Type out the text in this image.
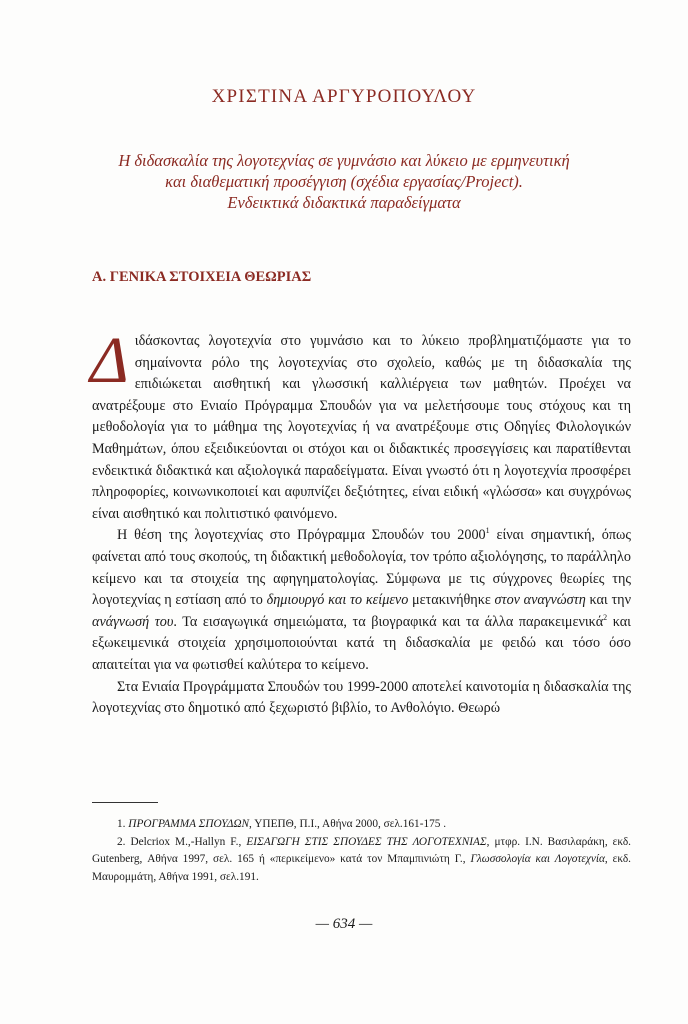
ΧΡΙΣΤΙΝΑ ΑΡΓΥΡΟΠΟΥΛΟΥ
Η διδασκαλία της λογοτεχνίας σε γυμνάσιο και λύκειο με ερμηνευτική
και διαθεματική προσέγγιση (σχέδια εργασίας/Project).
Ενδεικτικά διδακτικά παραδείγματα
Α. ΓΕΝΙΚΑ ΣΤΟΙΧΕΙΑ ΘΕΩΡΙΑΣ

Διδάσκοντας λογοτεχνία στο γυμνάσιο και το λύκειο προβληματιζόμαστε για το σημαίνοντα ρόλο της λογοτεχνίας στο σχολείο, καθώς με τη διδασκαλία της επιδιώκεται αισθητική και γλωσσική καλλιέργεια των μαθητών. Προέχει να ανατρέξουμε στο Ενιαίο Πρόγραμμα Σπουδών για να μελετήσουμε τους στόχους και τη μεθοδολογία για το μάθημα της λογοτεχνίας ή να ανατρέξουμε στις Οδηγίες Φιλολογικών Μαθημάτων, όπου εξειδικεύονται οι στόχοι και οι διδακτικές προσεγγίσεις και παρατίθενται ενδεικτικά διδακτικά και αξιολογικά παραδείγματα. Είναι γνωστό ότι η λογοτεχνία προσφέρει πληροφορίες, κοινωνικοποιεί και αφυπνίζει δεξιότητες, είναι ειδική «γλώσσα» και συγχρόνως είναι αισθητικό και πολιτιστικό φαινόμενο.

Η θέση της λογοτεχνίας στο Πρόγραμμα Σπουδών του 2000$^1$ είναι σημαντική, όπως φαίνεται από τους σκοπούς, τη διδακτική μεθοδολογία, τον τρόπο αξιολόγησης, το παράλληλο κείμενο και τα στοιχεία της αφηγηματολογίας. Σύμφωνα με τις σύγχρονες θεωρίες της λογοτεχνίας η εστίαση από το δημιουργό και το κείμενο μετακινήθηκε στον αναγνώστη και την ανάγνωσή του. Τα εισαγωγικά σημειώματα, τα βιογραφικά και τα άλλα παρακειμενικά$^2$ και εξωκειμενικά στοιχεία χρησιμοποιούνται κατά τη διδασκαλία με φειδώ και τόσο όσο απαιτείται για να φωτισθεί καλύτερα το κείμενο.

Στα Ενιαία Προγράμματα Σπουδών του 1999-2000 αποτελεί καινοτομία η διδασκαλία της λογοτεχνίας στο δημοτικό από ξεχωριστό βιβλίο, το Ανθολόγιο. Θεωρώ

1. ΠΡΟΓΡΑΜΜΑ ΣΠΟΥΔΩΝ, ΥΠΕΠΘ, Π.Ι., Αθήνα 2000, σελ.161-175 .

2. Delcriox M.,-Hallyn F., ΕΙΣΑΓΩΓΗ ΣΤΙΣ ΣΠΟΥΔΕΣ ΤΗΣ ΛΟΓΟΤΕΧΝΙΑΣ, μτφρ. Ι.Ν. Βασιλαράκη, εκδ. Gutenberg, Αθήνα 1997, σελ. 165 ή «περικείμενο» κατά τον Μπαμπινιώτη Γ., Γλωσσολογία και Λογοτεχνία, εκδ. Μαυρομμάτη, Αθήνα 1991, σελ.191.

— 634 —
